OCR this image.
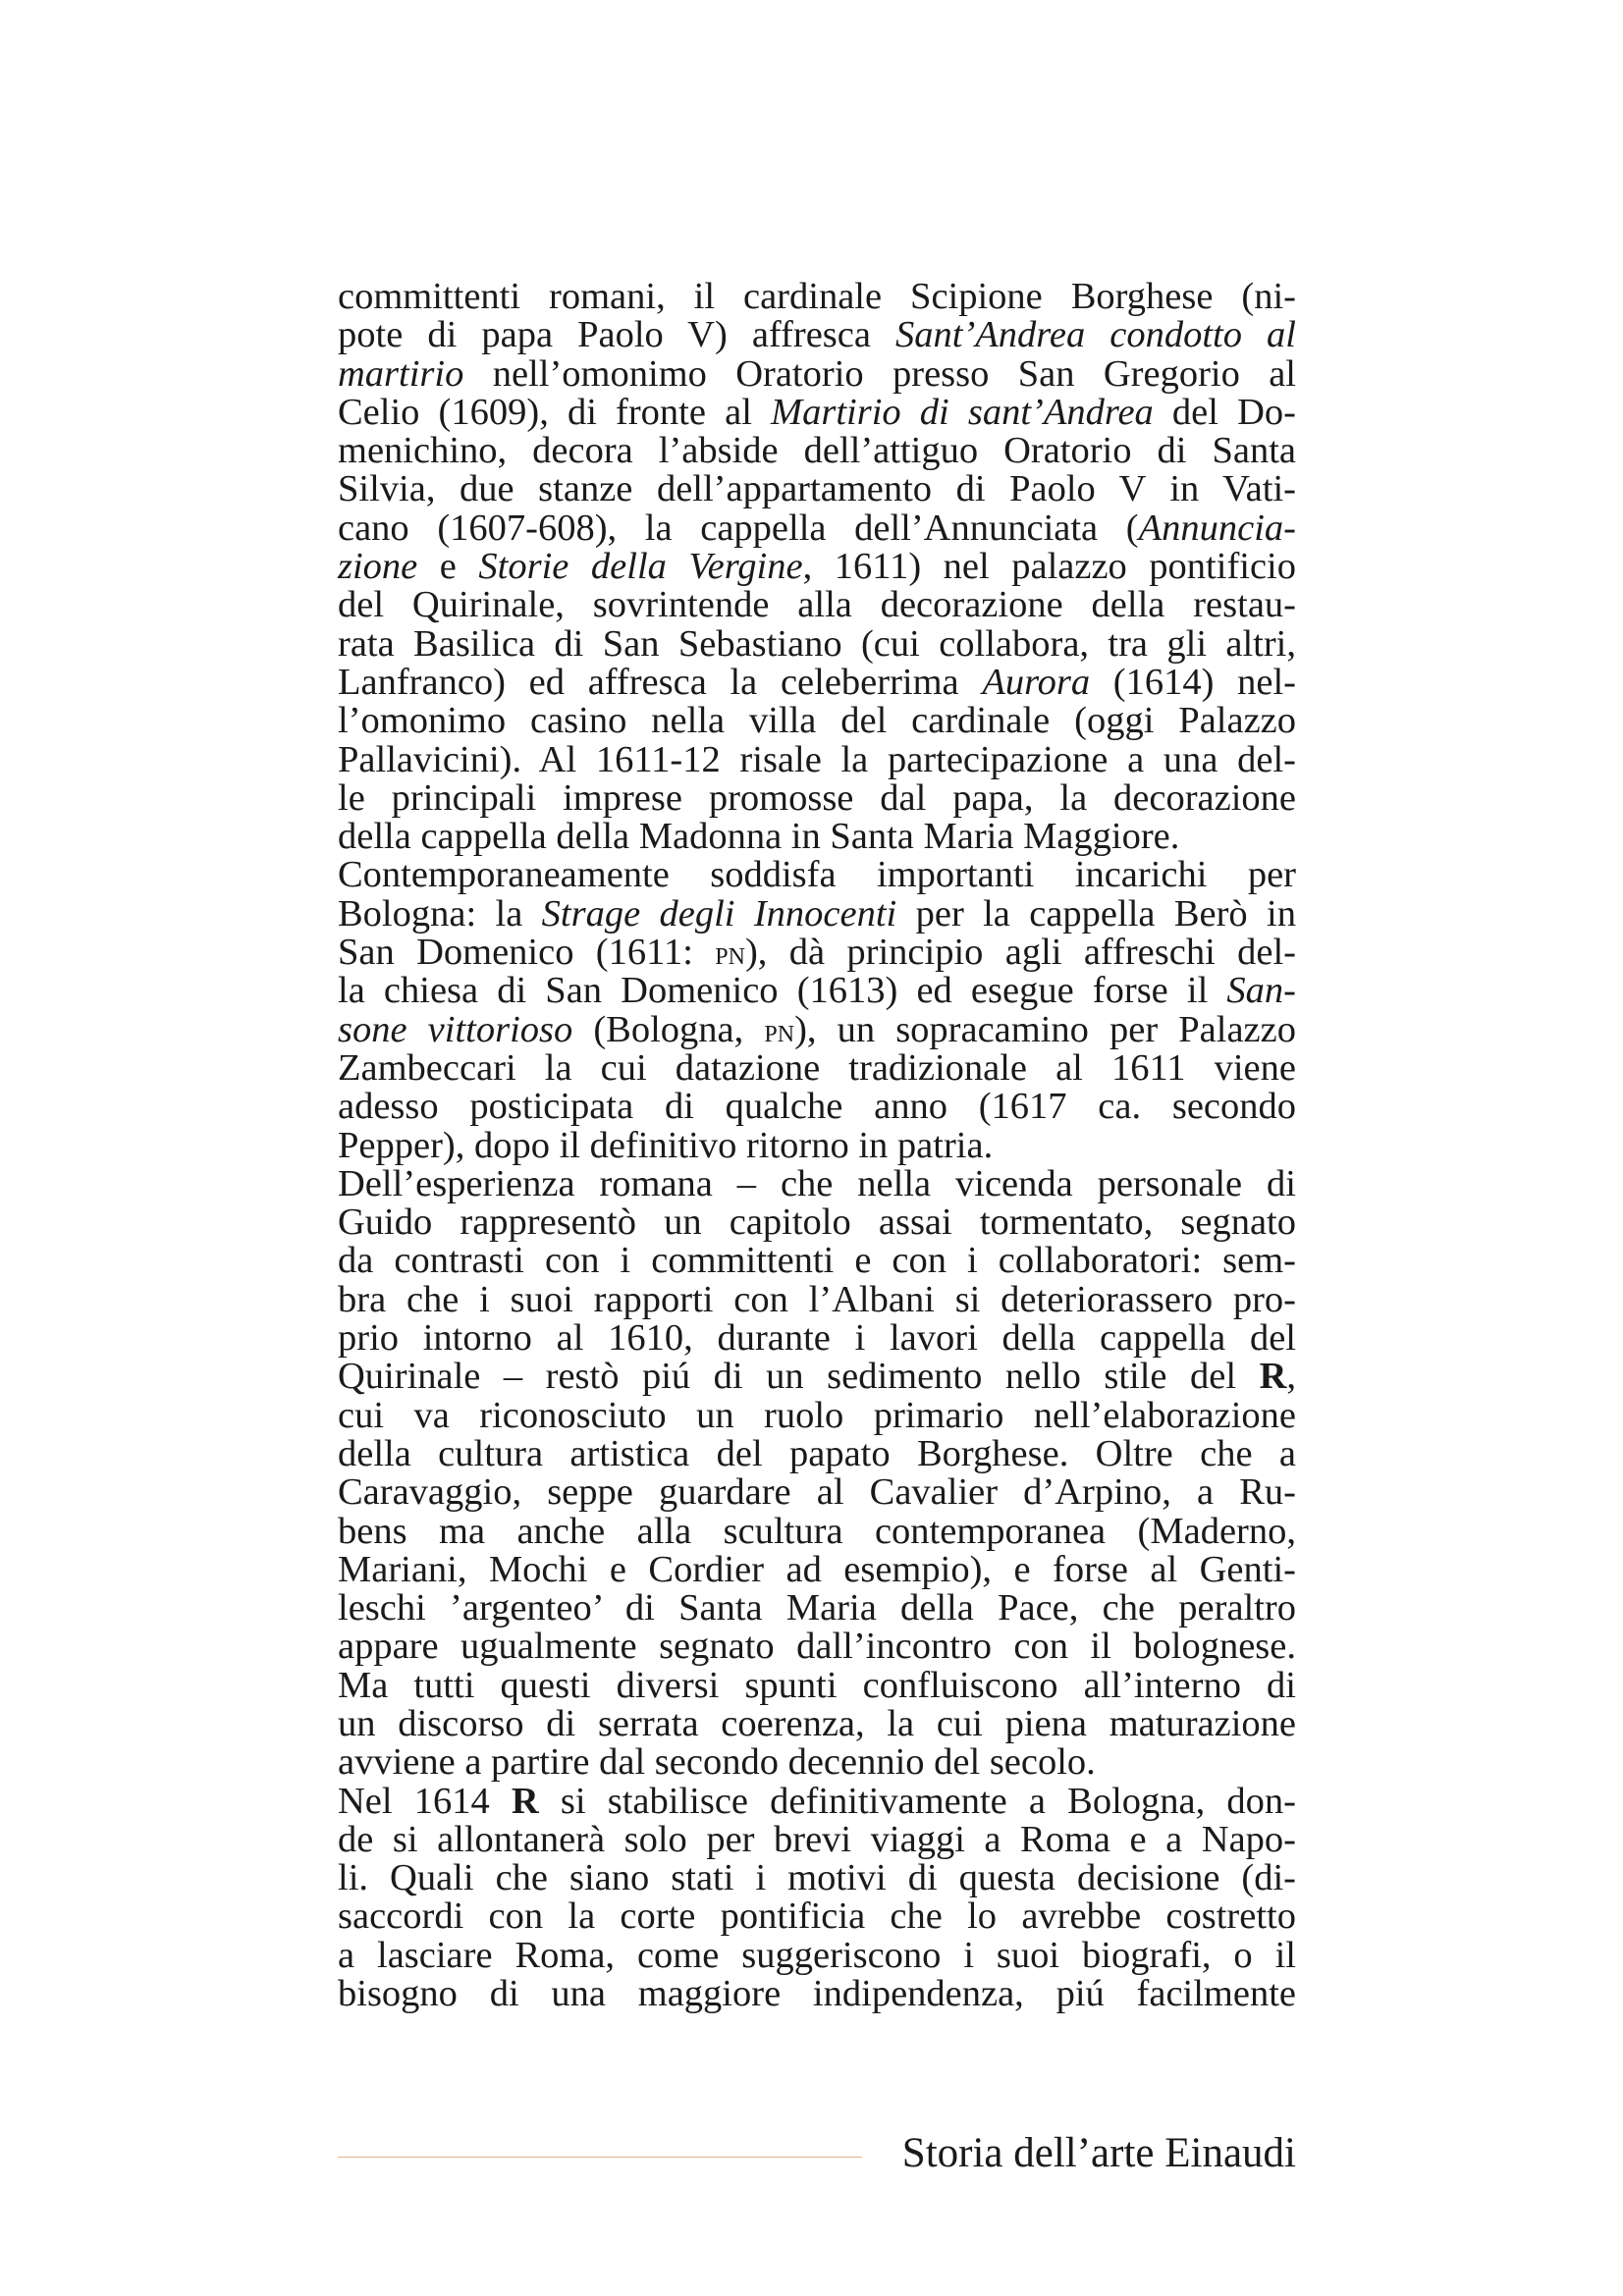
committenti romani, il cardinale Scipione Borghese (ni-
pote di papa Paolo V) affresca Sant’Andrea condotto al
martirio nell’omonimo Oratorio presso San Gregorio al
Celio (1609), di fronte al Martirio di sant’Andrea del Do-
menichino, decora l’abside dell’attiguo Oratorio di Santa
Silvia, due stanze dell’appartamento di Paolo V in Vati-
cano (1607-608), la cappella dell’Annunciata (Annuncia-
zione e Storie della Vergine, 1611) nel palazzo pontificio
del Quirinale, sovrintende alla decorazione della restau-
rata Basilica di San Sebastiano (cui collabora, tra gli altri,
Lanfranco) ed affresca la celeberrima Aurora (1614) nel-
l’omonimo casino nella villa del cardinale (oggi Palazzo
Pallavicini). Al 1611-12 risale la partecipazione a una del-
le principali imprese promosse dal papa, la decorazione
della cappella della Madonna in Santa Maria Maggiore.
Contemporaneamente soddisfa importanti incarichi per
Bologna: la Strage degli Innocenti per la cappella Berò in
San Domenico (1611: pn), dà principio agli affreschi del-
la chiesa di San Domenico (1613) ed esegue forse il San-
sone vittorioso (Bologna, pn), un sopracamino per Palazzo
Zambeccari la cui datazione tradizionale al 1611 viene
adesso posticipata di qualche anno (1617 ca. secondo
Pepper), dopo il definitivo ritorno in patria.
Dell’esperienza romana – che nella vicenda personale di
Guido rappresentò un capitolo assai tormentato, segnato
da contrasti con i committenti e con i collaboratori: sem-
bra che i suoi rapporti con l’Albani si deteriorassero pro-
prio intorno al 1610, durante i lavori della cappella del
Quirinale – restò piú di un sedimento nello stile del R,
cui va riconosciuto un ruolo primario nell’elaborazione
della cultura artistica del papato Borghese. Oltre che a
Caravaggio, seppe guardare al Cavalier d’Arpino, a Ru-
bens ma anche alla scultura contemporanea (Maderno,
Mariani, Mochi e Cordier ad esempio), e forse al Genti-
leschi ’argenteo’ di Santa Maria della Pace, che peraltro
appare ugualmente segnato dall’incontro con il bolognese.
Ma tutti questi diversi spunti confluiscono all’interno di
un discorso di serrata coerenza, la cui piena maturazione
avviene a partire dal secondo decennio del secolo.
Nel 1614 R si stabilisce definitivamente a Bologna, don-
de si allontanerà solo per brevi viaggi a Roma e a Napo-
li. Quali che siano stati i motivi di questa decisione (di-
saccordi con la corte pontificia che lo avrebbe costretto
a lasciare Roma, come suggeriscono i suoi biografi, o il
bisogno di una maggiore indipendenza, piú facilmente
Storia dell’arte Einaudi
